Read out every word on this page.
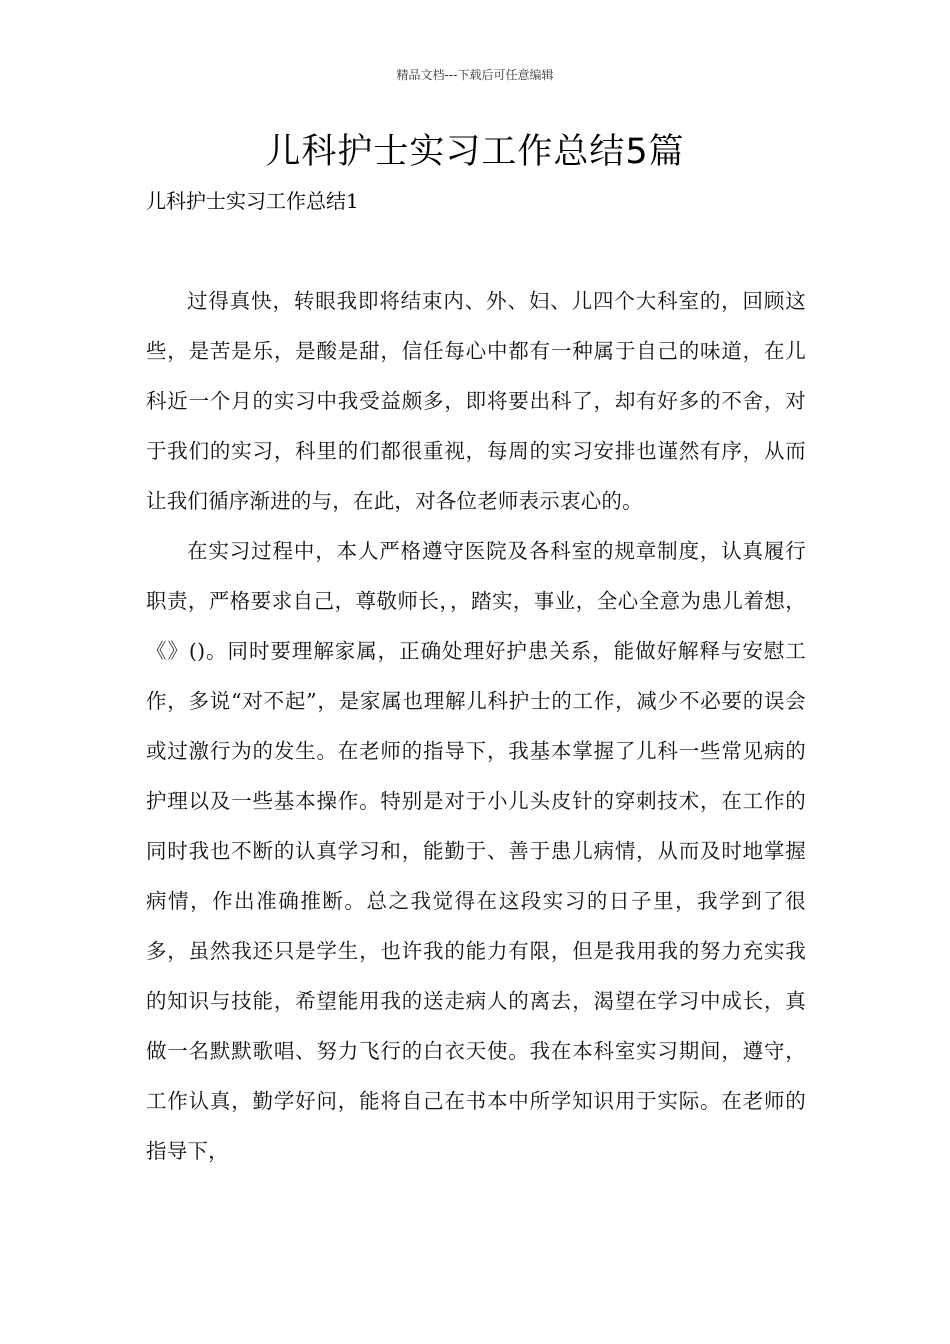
精品文档---下载后可任意编辑
儿科护士实习工作总结5篇
儿科护士实习工作总结1

过得真快，转眼我即将结束内、外、妇、儿四个大科室的，回顾这些，是苦是乐，是酸是甜，信任每心中都有一种属于自己的味道，在儿科近一个月的实习中我受益颇多，即将要出科了，却有好多的不舍，对于我们的实习，科里的们都很重视，每周的实习安排也谨然有序，从而让我们循序渐进的与，在此，对各位老师表示衷心的。

在实习过程中，本人严格遵守医院及各科室的规章制度，认真履行职责，严格要求自己，尊敬师长，，踏实，事业，全心全意为患儿着想，《》()。同时要理解家属，正确处理好护患关系，能做好解释与安慰工作，多说“对不起”，是家属也理解儿科护士的工作，减少不必要的误会或过激行为的发生。在老师的指导下，我基本掌握了儿科一些常见病的护理以及一些基本操作。特别是对于小儿头皮针的穿刺技术，在工作的同时我也不断的认真学习和，能勤于、善于患儿病情，从而及时地掌握病情，作出准确推断。总之我觉得在这段实习的日子里，我学到了很多，虽然我还只是学生，也许我的能力有限，但是我用我的努力充实我的知识与技能，希望能用我的送走病人的离去，渴望在学习中成长，真做一名默默歌唱、努力飞行的白衣天使。我在本科室实习期间，遵守，工作认真，勤学好问，能将自己在书本中所学知识用于实际。在老师的指导下，
